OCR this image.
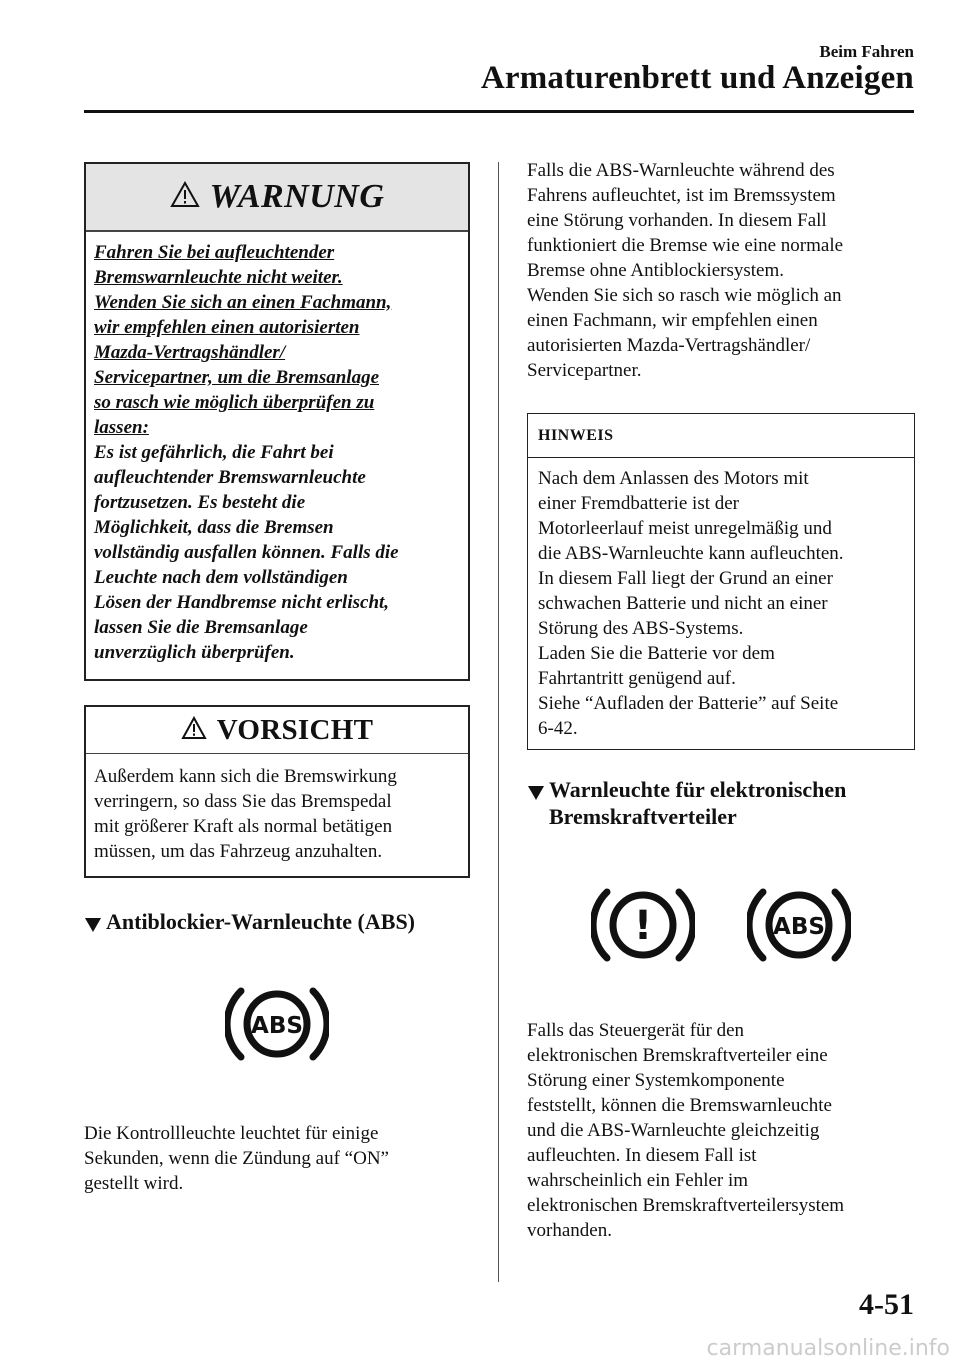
Beim Fahren
Armaturenbrett und Anzeigen
WARNUNG
Fahren Sie bei aufleuchtender
Bremswarnleuchte nicht weiter.
Wenden Sie sich an einen Fachmann,
wir empfehlen einen autorisierten
Mazda-Vertragshändler/
Servicepartner, um die Bremsanlage
so rasch wie möglich überprüfen zu
lassen:
Es ist gefährlich, die Fahrt bei
aufleuchtender Bremswarnleuchte
fortzusetzen. Es besteht die
Möglichkeit, dass die Bremsen
vollständig ausfallen können. Falls die
Leuchte nach dem vollständigen
Lösen der Handbremse nicht erlischt,
lassen Sie die Bremsanlage
unverzüglich überprüfen.
VORSICHT
Außerdem kann sich die Bremswirkung
verringern, so dass Sie das Bremspedal
mit größerer Kraft als normal betätigen
müssen, um das Fahrzeug anzuhalten.
Antiblockier-Warnleuchte (ABS)
ABS

Die Kontrollleuchte leuchtet für einige

Sekunden, wenn die Zündung auf “ON”

gestellt wird.

Falls die ABS-Warnleuchte während des

Fahrens aufleuchtet, ist im Bremssystem

eine Störung vorhanden. In diesem Fall

funktioniert die Bremse wie eine normale

Bremse ohne Antiblockiersystem.

Wenden Sie sich so rasch wie möglich an

einen Fachmann, wir empfehlen einen

autorisierten Mazda-Vertragshändler/

Servicepartner.

HINWEIS
Nach dem Anlassen des Motors mit
einer Fremdbatterie ist der
Motorleerlauf meist unregelmäßig und
die ABS-Warnleuchte kann aufleuchten.
In diesem Fall liegt der Grund an einer
schwachen Batterie und nicht an einer
Störung des ABS-Systems.
Laden Sie die Batterie vor dem
Fahrtantritt genügend auf.
Siehe “Aufladen der Batterie” auf Seite
6-42.
Warnleuchte für elektronischen
Bremskraftverteiler
!	ABS

Falls das Steuergerät für den

elektronischen Bremskraftverteiler eine

Störung einer Systemkomponente

feststellt, können die Bremswarnleuchte

und die ABS-Warnleuchte gleichzeitig

aufleuchten. In diesem Fall ist

wahrscheinlich ein Fehler im

elektronischen Bremskraftverteilersystem

vorhanden.

4-51
carmanualsonline.info
